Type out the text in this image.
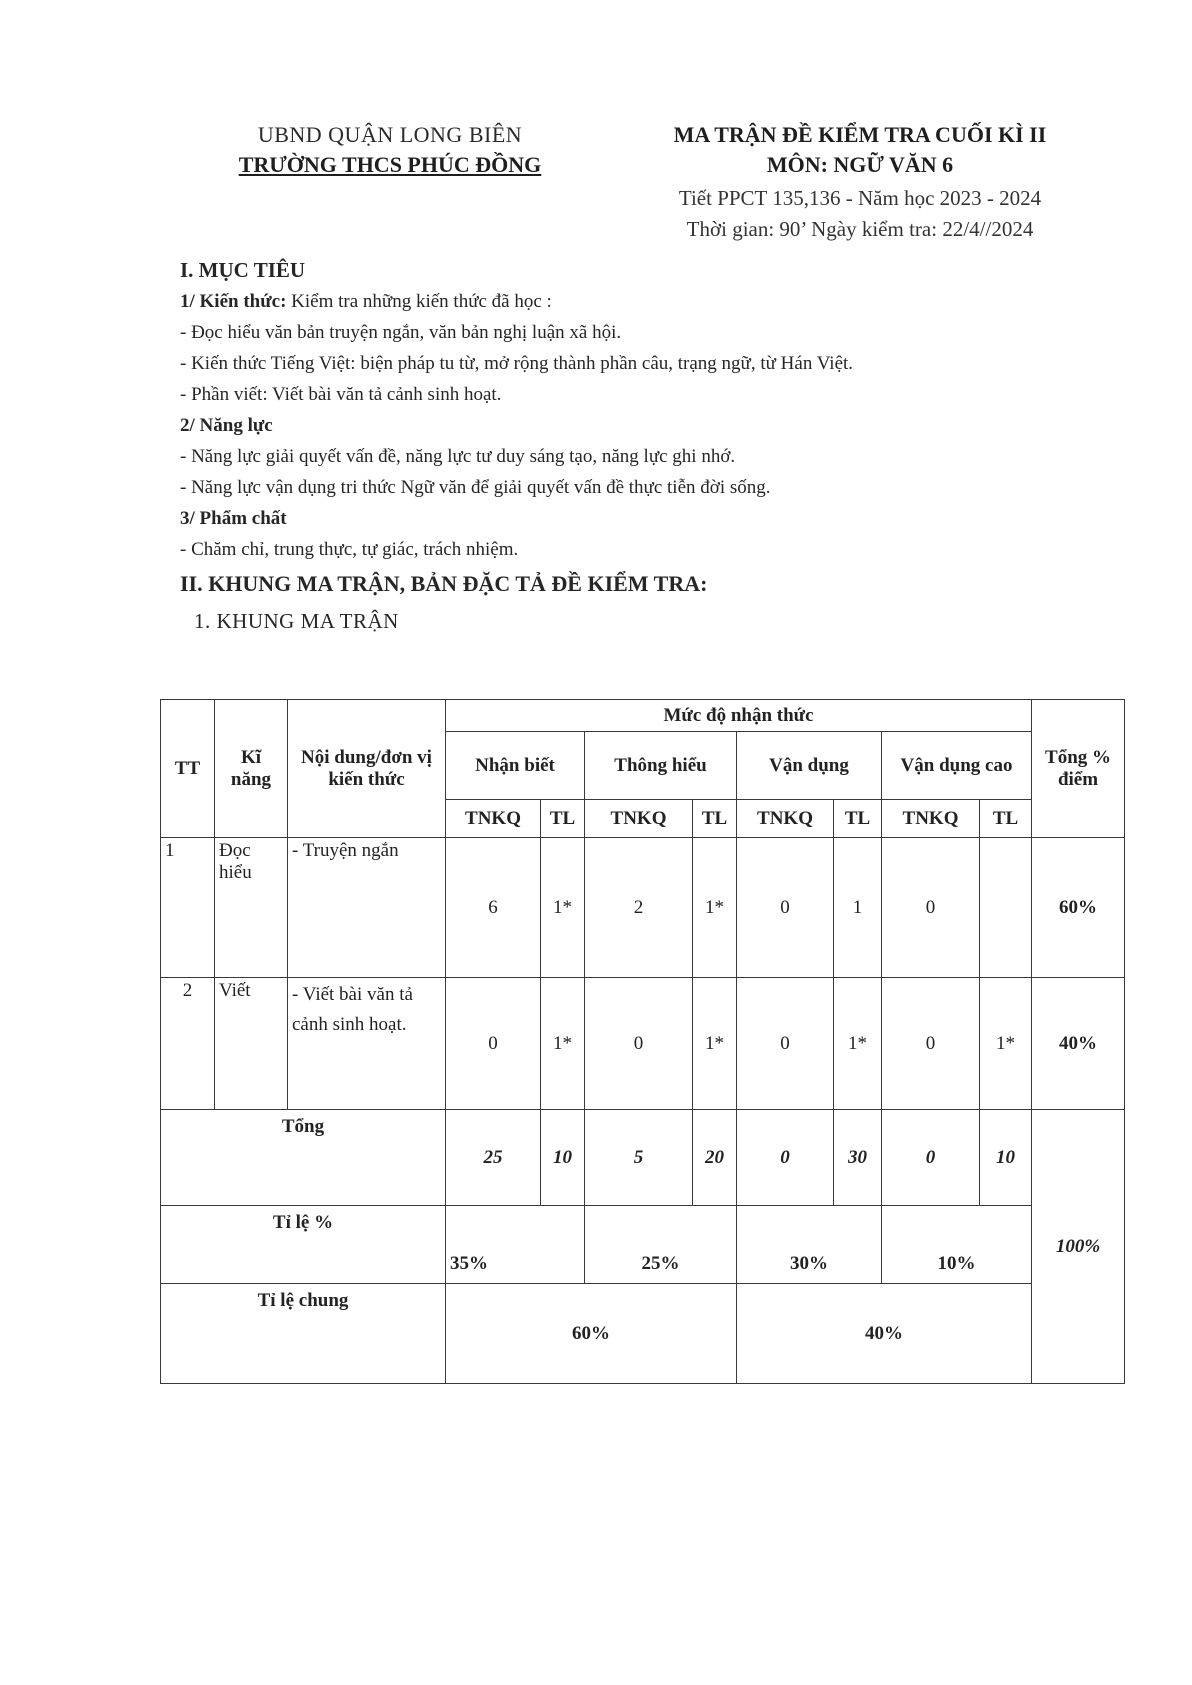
UBND QUẬN LONG BIÊN
TRƯỜNG THCS PHÚC ĐỒNG
MA TRẬN ĐỀ KIỂM TRA CUỐI KÌ II
MÔN: NGỮ VĂN 6
Tiết PPCT 135,136 - Năm học 2023 - 2024
Thời gian: 90’ Ngày kiểm tra: 22/4//2024

I. MỤC TIÊU

1/ Kiến thức: Kiểm tra những kiến thức đã học :

- Đọc hiểu văn bản truyện ngắn, văn bản nghị luận xã hội.

- Kiến thức Tiếng Việt: biện pháp tu từ, mở rộng thành phần câu, trạng ngữ, từ Hán Việt.

- Phần viết: Viết bài văn tả cảnh sinh hoạt.

2/ Năng lực

- Năng lực giải quyết vấn đề, năng lực tư duy sáng tạo, năng lực ghi nhớ.

- Năng lực vận dụng tri thức Ngữ văn để giải quyết vấn đề thực tiễn đời sống.

3/ Phẩm chất

- Chăm chỉ, trung thực, tự giác, trách nhiệm.

II. KHUNG MA TRẬN, BẢN ĐẶC TẢ ĐỀ KIỂM TRA:

1. KHUNG MA TRẬN

TT	Kĩ năng	Nội dung/đơn vị kiến thức	Mức độ nhận thức								Tổng % điểm
			Nhận biết		Thông hiểu		Vận dụng		Vận dụng cao		
			TNKQ	TL	TNKQ	TL	TNKQ	TL	TNKQ	TL	
1	Đọc hiểu	- Truyện ngắn	6	1*	2	1*	0	1	0		60%
2	Viết	- Viết bài văn tả cảnh sinh hoạt.	0	1*	0	1*	0	1*	0	1*	40%
Tổng			25	10	5	20	0	30	0	10	100%
Tỉ lệ %			35%		25%		30%		10%		
Tỉ lệ chung			60%				40%				
